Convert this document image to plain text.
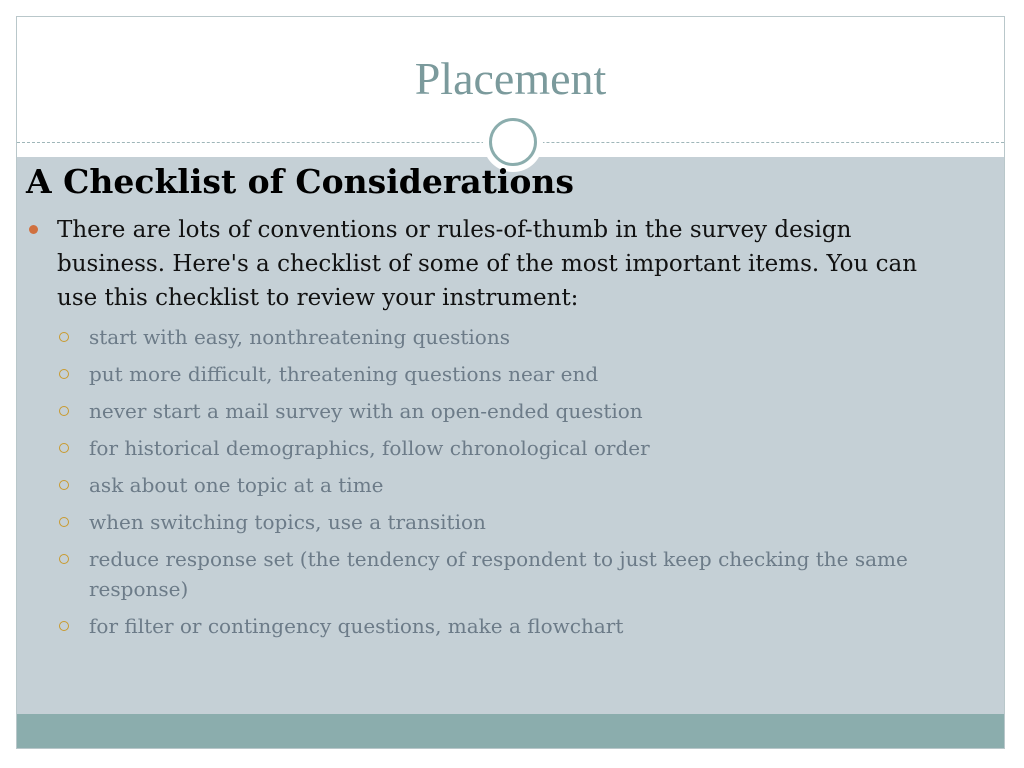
Placement
A Checklist of Considerations
There are lots of conventions or rules-of-thumb in the survey design business. Here's a checklist of some of the most important items. You can use this checklist to review your instrument:
start with easy, nonthreatening questions
put more difficult, threatening questions near end
never start a mail survey with an open-ended question
for historical demographics, follow chronological order
ask about one topic at a time
when switching topics, use a transition
reduce response set (the tendency of respondent to just keep checking the same response)
for filter or contingency questions, make a flowchart
